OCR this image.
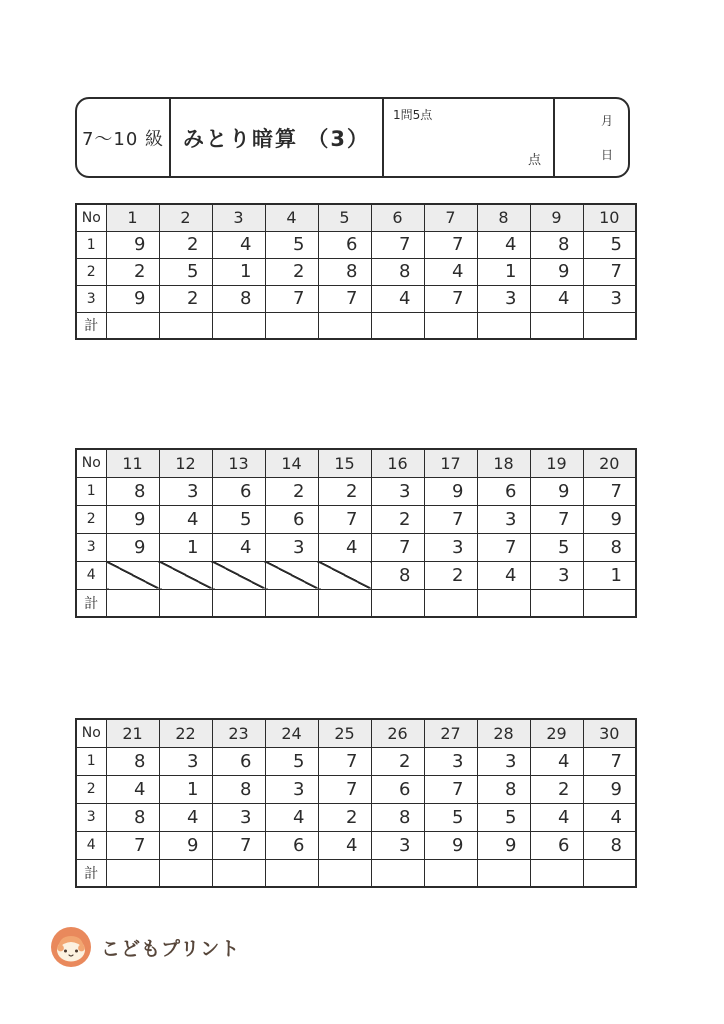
7〜10 級 みとり暗算 （3）
1問5点
点
月
日
No	1	2	3	4	5	6	7	8	9	10
1	9	2	4	5	6	7	7	4	8	5
2	2	5	1	2	8	8	4	1	9	7
3	9	2	8	7	7	4	7	3	4	3
計										
No	11	12	13	14	15	16	17	18	19	20
1	8	3	6	2	2	3	9	6	9	7
2	9	4	5	6	7	2	7	3	7	9
3	9	1	4	3	4	7	3	7	5	8
4						8	2	4	3	1
計										
No	21	22	23	24	25	26	27	28	29	30
1	8	3	6	5	7	2	3	3	4	7
2	4	1	8	3	7	6	7	8	2	9
3	8	4	3	4	2	8	5	5	4	4
4	7	9	7	6	4	3	9	9	6	8
計										
こどもプリント
